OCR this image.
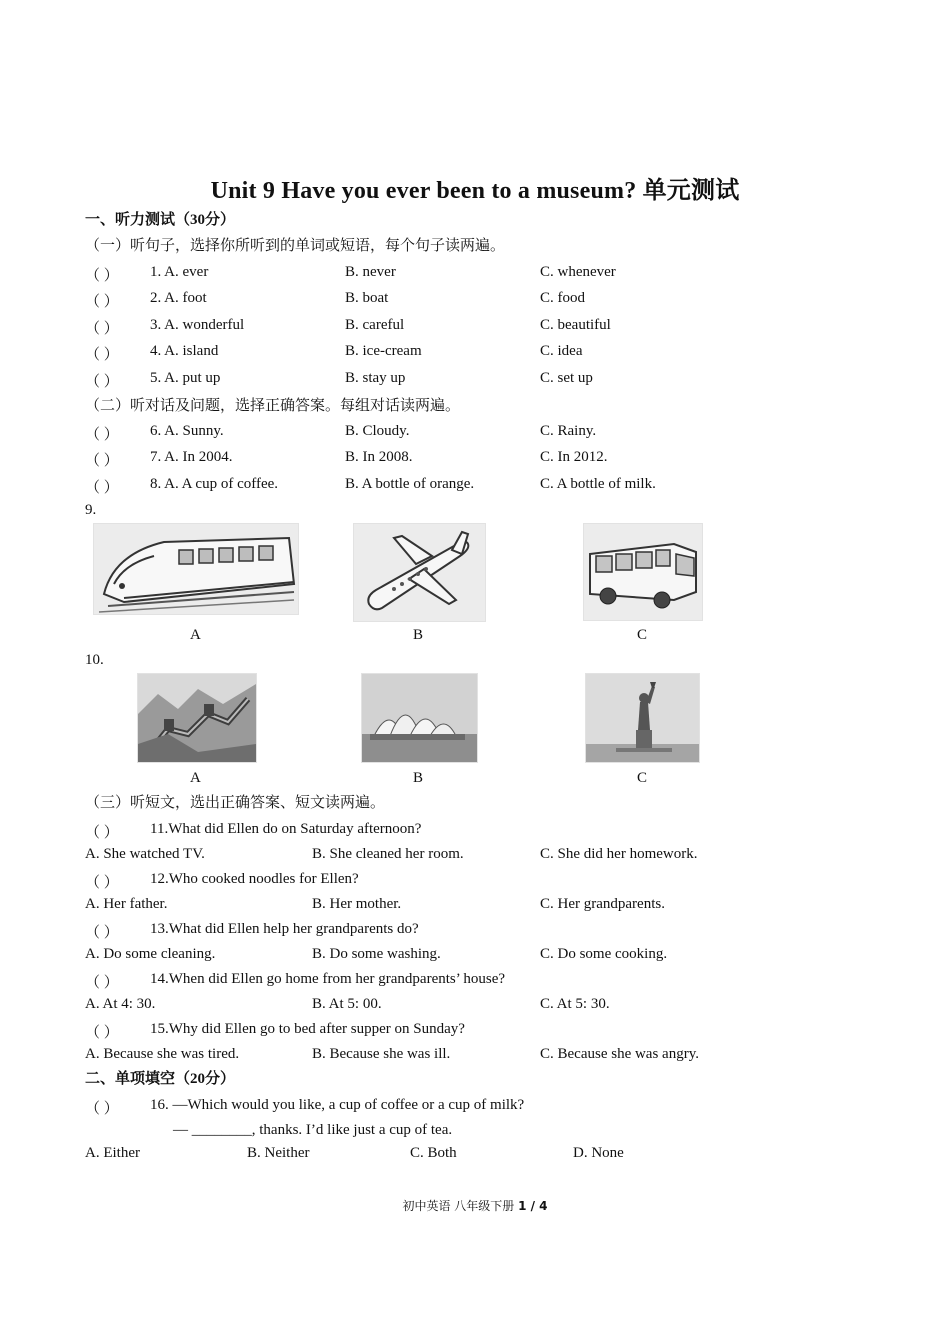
Unit 9 Have you ever been to a museum? 单元测试
一、听力测试（30分）
（一）听句子，选择你所听到的单词或短语，每个句子读两遍。
（ ） 1. A. ever	B. never	C. whenever
（ ） 2. A. foot	B. boat	C. food
（ ） 3. A. wonderful	B. careful	C. beautiful
（ ） 4. A. island	B. ice-cream	C. idea
（ ） 5. A. put up	B. stay up	C. set up
（二）听对话及问题，选择正确答案。每组对话读两遍。
（ ） 6. A. Sunny.	B. Cloudy.	C. Rainy.
（ ） 7. A. In 2004.	B. In 2008.	C. In 2012.
（ ） 8. A. A cup of coffee.	B. A bottle of orange.	C. A bottle of milk.
9.
A	B	C
10.
A	B	C
（三）听短文，选出正确答案、短文读两遍。
（ ） 11.What did Ellen do on Saturday afternoon?
A. She watched TV.	B. She cleaned her room.	C. She did her homework.
（ ） 12.Who cooked noodles for Ellen?
A. Her father.	B. Her mother.	C. Her grandparents.
（ ） 13.What did Ellen help her grandparents do?
A. Do some cleaning.	B. Do some washing.	C. Do some cooking.
（ ） 14.When did Ellen go home from her grandparents’ house?
A. At 4: 30.	B. At 5: 00.	C. At 5: 30.
（ ） 15.Why did Ellen go to bed after supper on Sunday?
A. Because she was tired.	B. Because she was ill.	C. Because she was angry.
二、单项填空（20分）
（ ） 16. —Which would you like, a cup of coffee or a cup of milk?
— ________, thanks. I’d like just a cup of tea.
A. Either	B. Neither	C. Both	D. None
初中英语 八年级下册 1 / 4
